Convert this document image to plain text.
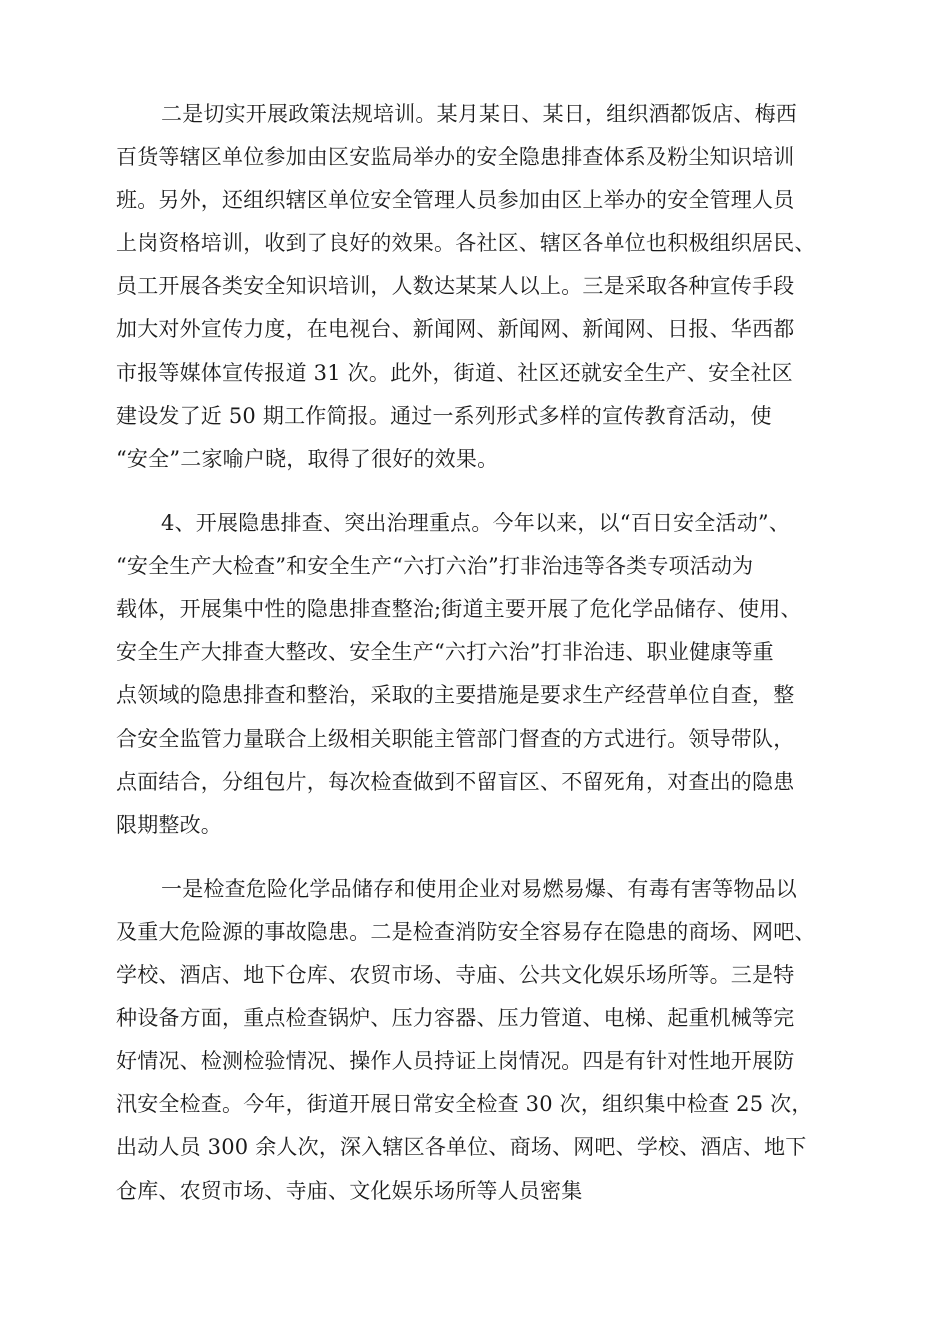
二是切实开展政策法规培训。某月某日、某日，组织酒都饭店、梅西
百货等辖区单位参加由区安监局举办的安全隐患排查体系及粉尘知识培训
班。另外，还组织辖区单位安全管理人员参加由区上举办的安全管理人员
上岗资格培训，收到了良好的效果。各社区、辖区各单位也积极组织居民、
员工开展各类安全知识培训，人数达某某人以上。三是采取各种宣传手段
加大对外宣传力度，在电视台、新闻网、新闻网、新闻网、日报、华西都
市报等媒体宣传报道 31 次。此外，街道、社区还就安全生产、安全社区
建设发了近 50 期工作简报。通过一系列形式多样的宣传教育活动，使
“安全”二家喻户晓，取得了很好的效果。
4、开展隐患排查、突出治理重点。今年以来，以“百日安全活动”、
“安全生产大检查”和安全生产“六打六治”打非治违等各类专项活动为
载体，开展集中性的隐患排查整治;街道主要开展了危化学品储存、使用、
安全生产大排查大整改、安全生产“六打六治”打非治违、职业健康等重
点领域的隐患排查和整治，采取的主要措施是要求生产经营单位自查，整
合安全监管力量联合上级相关职能主管部门督查的方式进行。领导带队，
点面结合，分组包片，每次检查做到不留盲区、不留死角，对查出的隐患
限期整改。
一是检查危险化学品储存和使用企业对易燃易爆、有毒有害等物品以
及重大危险源的事故隐患。二是检查消防安全容易存在隐患的商场、网吧、
学校、酒店、地下仓库、农贸市场、寺庙、公共文化娱乐场所等。三是特
种设备方面，重点检查锅炉、压力容器、压力管道、电梯、起重机械等完
好情况、检测检验情况、操作人员持证上岗情况。四是有针对性地开展防
汛安全检查。今年，街道开展日常安全检查 30 次，组织集中检查 25 次，
出动人员 300 余人次，深入辖区各单位、商场、网吧、学校、酒店、地下
仓库、农贸市场、寺庙、文化娱乐场所等人员密集
